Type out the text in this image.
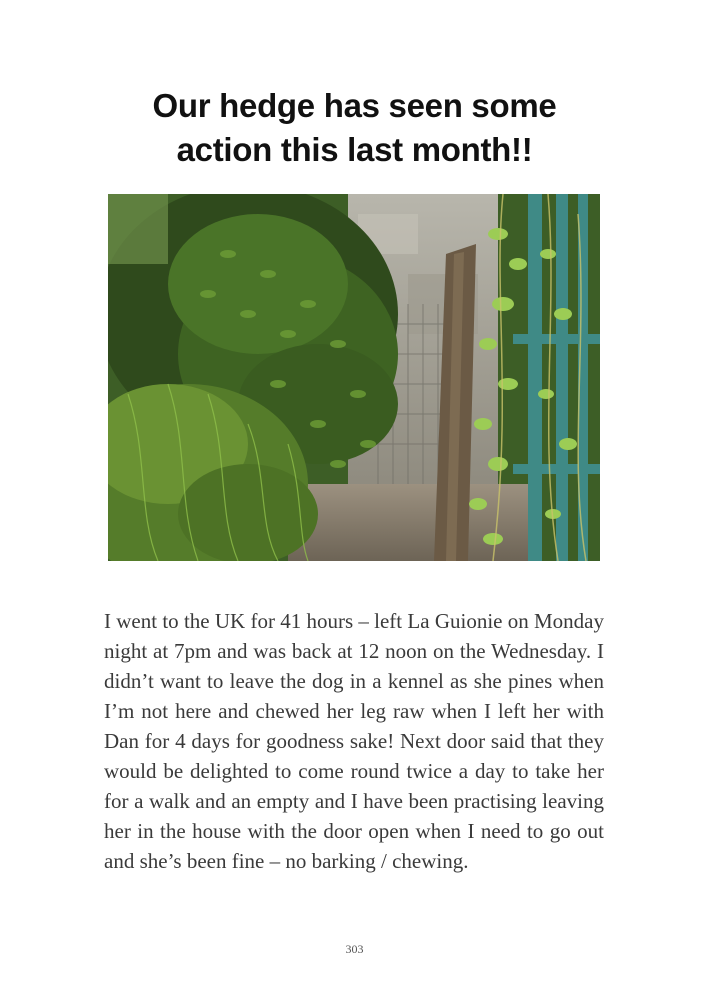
Our hedge has seen some
action this last month!!

I went to the UK for 41 hours – left La Guionie on Monday night at 7pm and was back at 12 noon on the Wednesday. I didn’t want to leave the dog in a kennel as she pines when I’m not here and chewed her leg raw when I left her with Dan for 4 days for goodness sake! Next door said that they would be delighted to come round twice a day to take her for a walk and an empty and I have been practising leaving her in the house with the door open when I need to go out and she’s been fine – no barking / chewing.

303
